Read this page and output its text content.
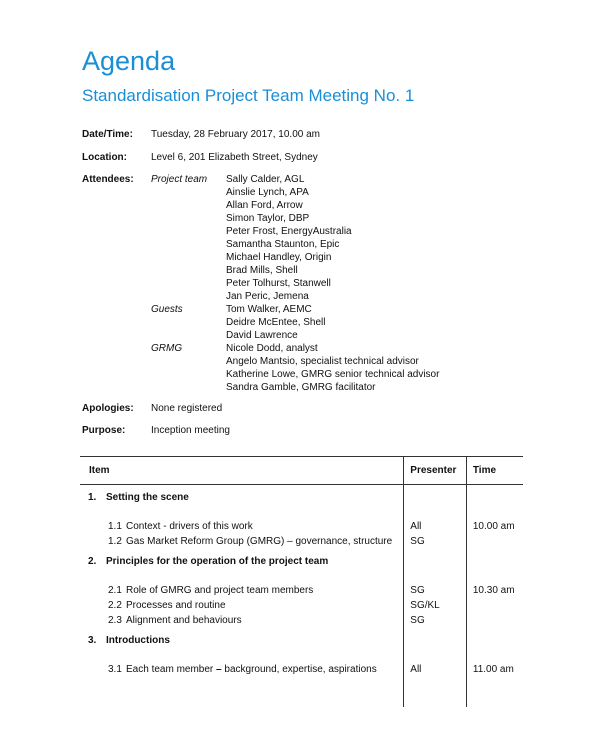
Agenda
Standardisation Project Team Meeting No. 1
Date/Time: Tuesday, 28 February 2017, 10.00 am
Location: Level 6, 201 Elizabeth Street, Sydney
Attendees: Project team Sally Calder, AGL
Ainslie Lynch, APA
Allan Ford, Arrow
Simon Taylor, DBP
Peter Frost, EnergyAustralia
Samantha Staunton, Epic
Michael Handley, Origin
Brad Mills, Shell
Peter Tolhurst, Stanwell
Jan Peric, Jemena
Guests	Tom Walker, AEMC
Deidre McEntee, Shell
David Lawrence
GRMG	Nicole Dodd, analyst
Angelo Mantsio, specialist technical advisor
Katherine Lowe, GMRG senior technical advisor
Sandra Gamble, GMRG facilitator
Apologies: None registered
Purpose:	Inception meeting
Item	Presenter	Time
1. Setting the scene		

1.1 Context - drivers of this work	All	10.00 am
1.2 Gas Market Reform Group (GMRG) – governance, structure	SG	
2. Principles for the operation of the project team		

2.1 Role of GMRG and project team members	SG	10.30 am
2.2 Processes and routine	SG/KL	
2.3 Alignment and behaviours	SG	
3. Introductions		

3.1 Each team member – background, expertise, aspirations	All	11.00 am
